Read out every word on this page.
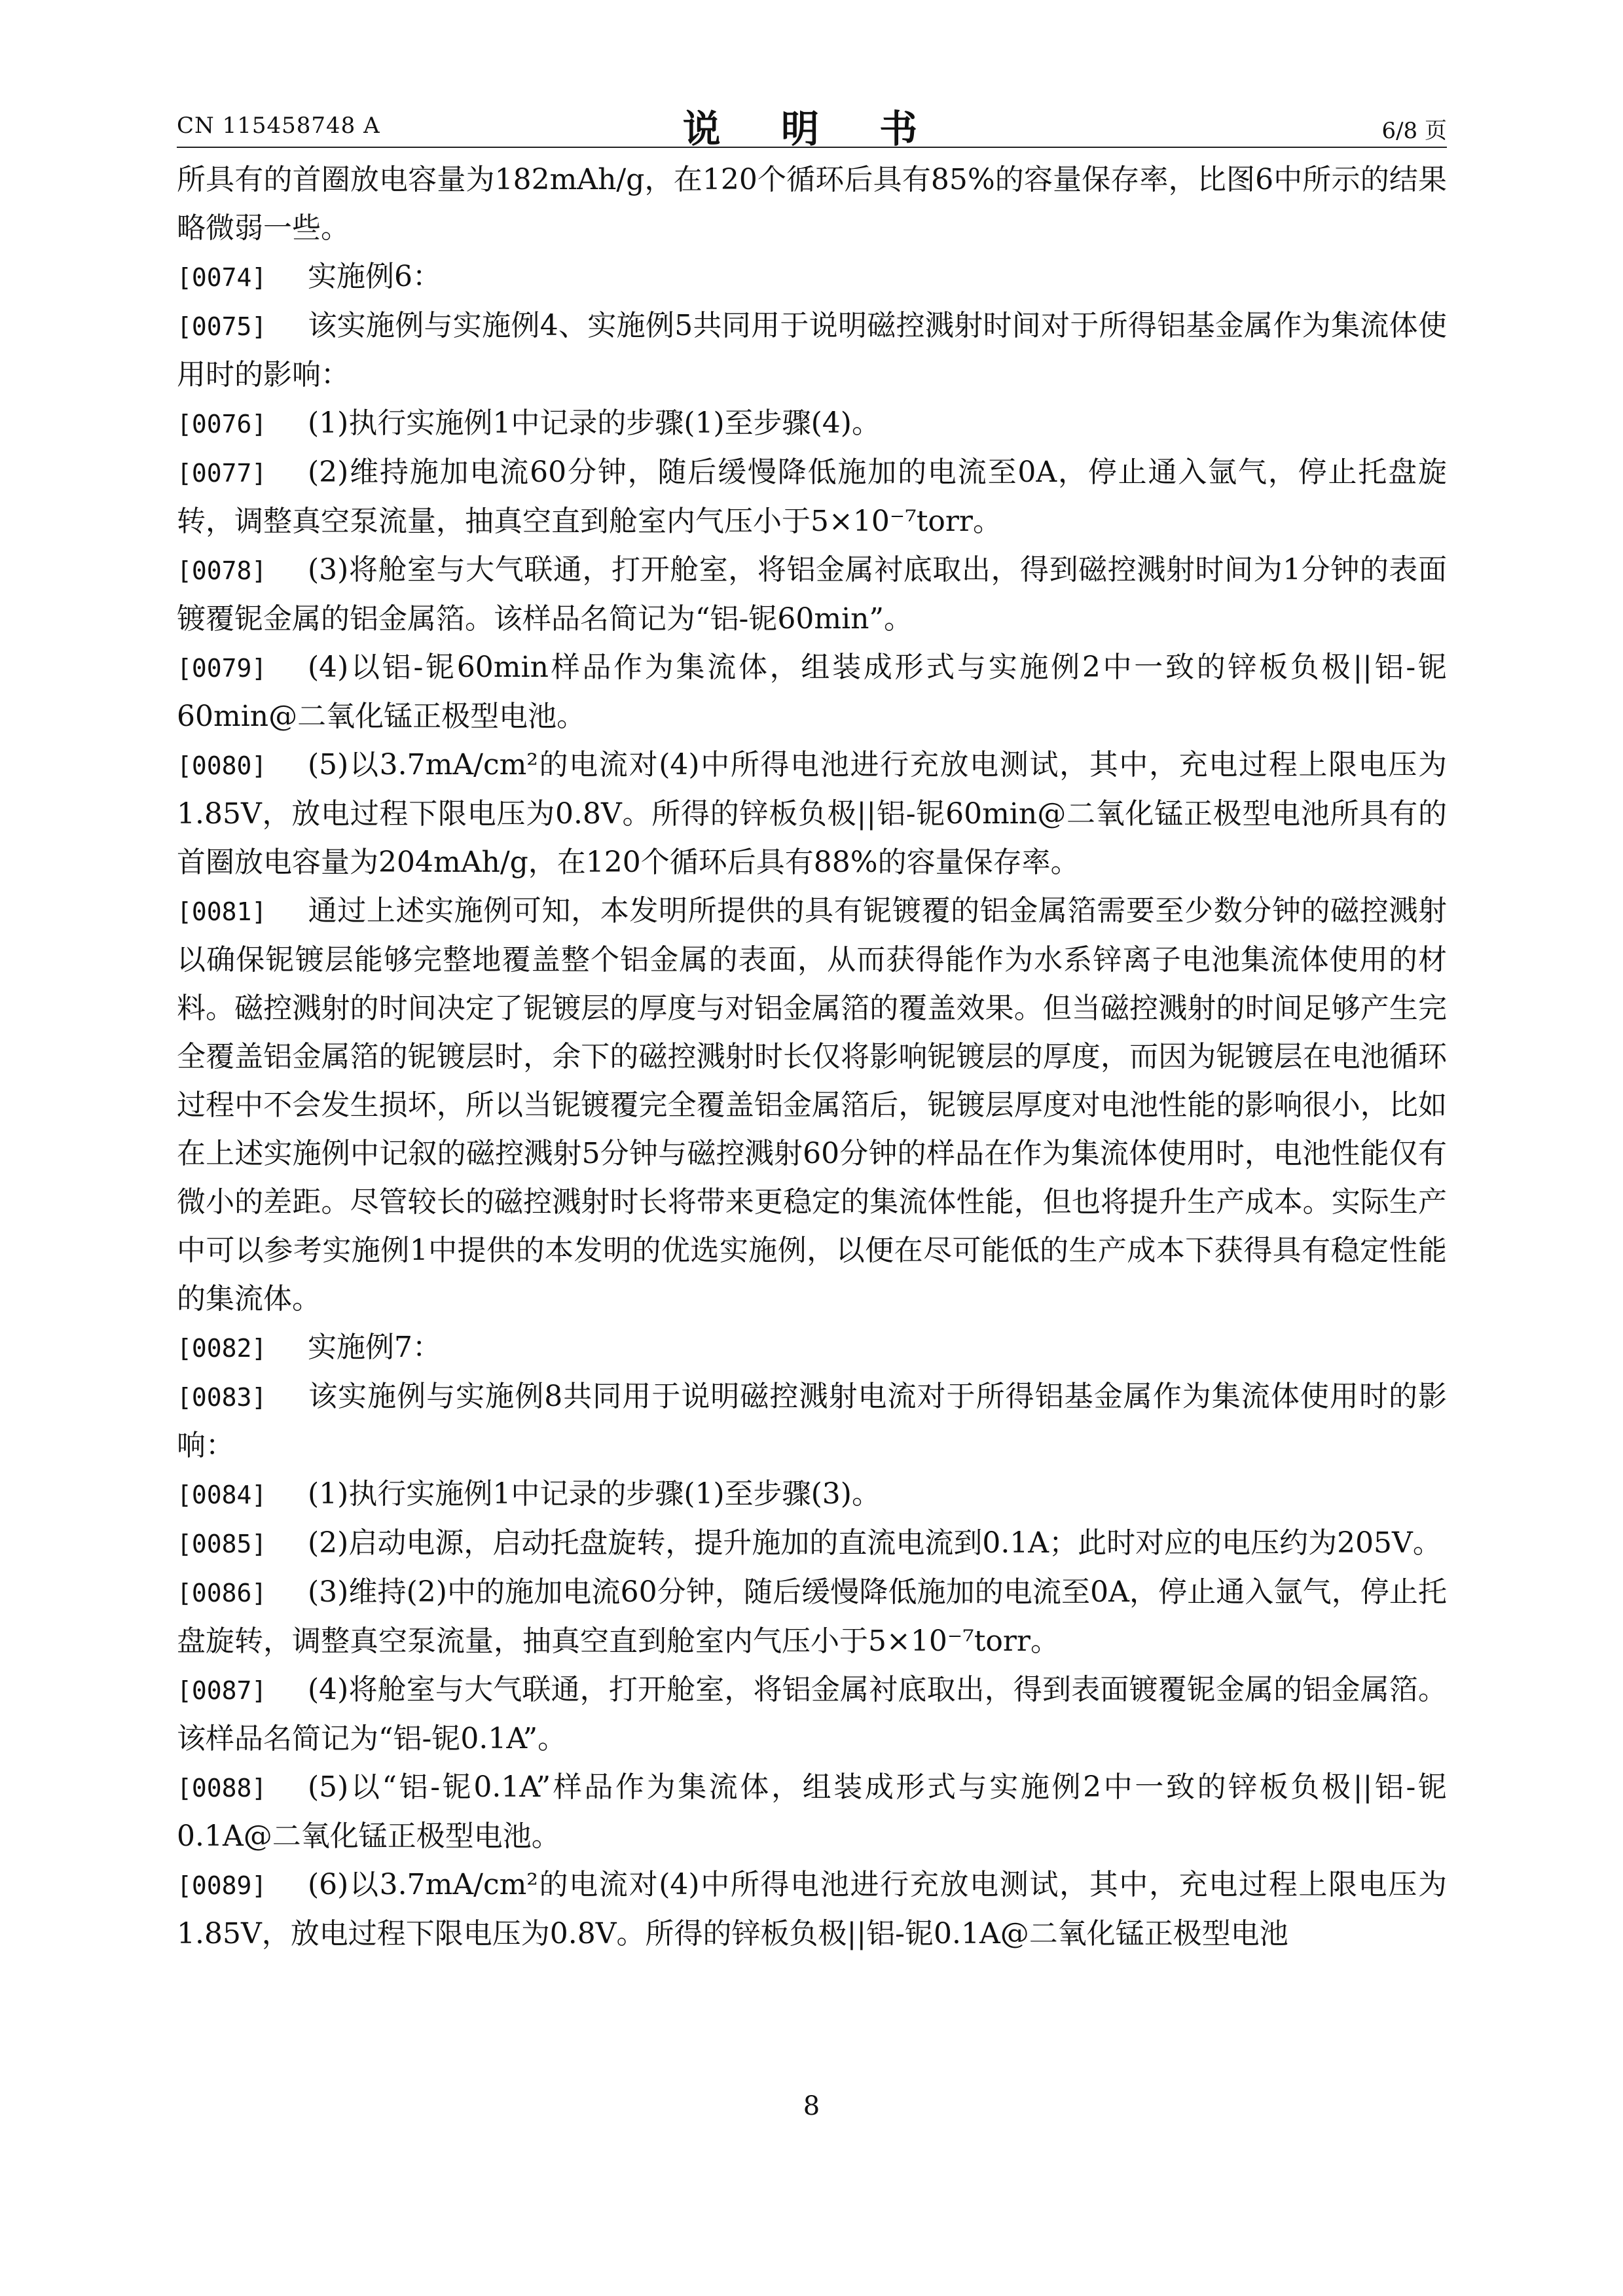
CN 115458748 A	说 明 书	6/8 页

所具有的首圈放电容量为182mAh/g，在120个循环后具有85%的容量保存率，比图6中所示的结果略微弱一些。

[0074] 实施例6：

[0075] 该实施例与实施例4、实施例5共同用于说明磁控溅射时间对于所得铝基金属作为集流体使用时的影响：

[0076] (1)执行实施例1中记录的步骤(1)至步骤(4)。

[0077] (2)维持施加电流60分钟，随后缓慢降低施加的电流至0A，停止通入氩气，停止托盘旋转，调整真空泵流量，抽真空直到舱室内气压小于5×10⁻⁷torr。

[0078] (3)将舱室与大气联通，打开舱室，将铝金属衬底取出，得到磁控溅射时间为1分钟的表面镀覆铌金属的铝金属箔。该样品名简记为“铝-铌60min”。

[0079] (4)以铝-铌60min样品作为集流体，组装成形式与实施例2中一致的锌板负极||铝-铌60min@二氧化锰正极型电池。

[0080] (5)以3.7mA/cm²的电流对(4)中所得电池进行充放电测试，其中，充电过程上限电压为1.85V，放电过程下限电压为0.8V。所得的锌板负极||铝-铌60min@二氧化锰正极型电池所具有的首圈放电容量为204mAh/g，在120个循环后具有88%的容量保存率。

[0081] 通过上述实施例可知，本发明所提供的具有铌镀覆的铝金属箔需要至少数分钟的磁控溅射以确保铌镀层能够完整地覆盖整个铝金属的表面，从而获得能作为水系锌离子电池集流体使用的材料。磁控溅射的时间决定了铌镀层的厚度与对铝金属箔的覆盖效果。但当磁控溅射的时间足够产生完全覆盖铝金属箔的铌镀层时，余下的磁控溅射时长仅将影响铌镀层的厚度，而因为铌镀层在电池循环过程中不会发生损坏，所以当铌镀覆完全覆盖铝金属箔后，铌镀层厚度对电池性能的影响很小，比如在上述实施例中记叙的磁控溅射5分钟与磁控溅射60分钟的样品在作为集流体使用时，电池性能仅有微小的差距。尽管较长的磁控溅射时长将带来更稳定的集流体性能，但也将提升生产成本。实际生产中可以参考实施例1中提供的本发明的优选实施例，以便在尽可能低的生产成本下获得具有稳定性能的集流体。

[0082] 实施例7：

[0083] 该实施例与实施例8共同用于说明磁控溅射电流对于所得铝基金属作为集流体使用时的影响：

[0084] (1)执行实施例1中记录的步骤(1)至步骤(3)。

[0085] (2)启动电源，启动托盘旋转，提升施加的直流电流到0.1A；此时对应的电压约为205V。

[0086] (3)维持(2)中的施加电流60分钟，随后缓慢降低施加的电流至0A，停止通入氩气，停止托盘旋转，调整真空泵流量，抽真空直到舱室内气压小于5×10⁻⁷torr。

[0087] (4)将舱室与大气联通，打开舱室，将铝金属衬底取出，得到表面镀覆铌金属的铝金属箔。该样品名简记为“铝-铌0.1A”。

[0088] (5)以“铝-铌0.1A”样品作为集流体，组装成形式与实施例2中一致的锌板负极||铝-铌0.1A@二氧化锰正极型电池。

[0089] (6)以3.7mA/cm²的电流对(4)中所得电池进行充放电测试，其中，充电过程上限电压为1.85V，放电过程下限电压为0.8V。所得的锌板负极||铝-铌0.1A@二氧化锰正极型电池

8
